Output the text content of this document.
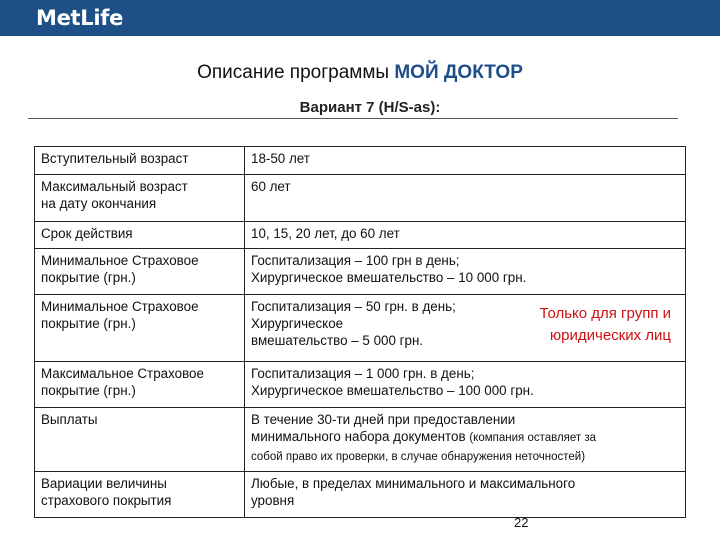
MetLife
Описание программы МОЙ ДОКТОР
Вариант 7 (H/S-as):
Вступительный возраст	18-50 лет
Максимальный возраст
на дату окончания	60 лет
Срок действия	10, 15, 20 лет, до 60 лет
Минимальное Страховое
покрытие (грн.)	Госпитализация – 100 грн в день;
Хирургическое вмешательство – 10 000 грн.
Минимальное Страховое
покрытие (грн.)	Госпитализация – 50 грн. в день;
Хирургическое
вмешательство – 5 000 грн.
Только для групп и
юридических лиц

Максимальное Страховое
покрытие (грн.)	Госпитализация – 1 000 грн. в день;
Хирургическое вмешательство – 100 000 грн.
Выплаты	В течение 30-ти дней при предоставлении
минимального набора документов (компания оставляет за
собой право их проверки, в случае обнаружения неточностей)
Вариации величины
страхового покрытия	Любые, в пределах минимального и максимального
уровня
22
